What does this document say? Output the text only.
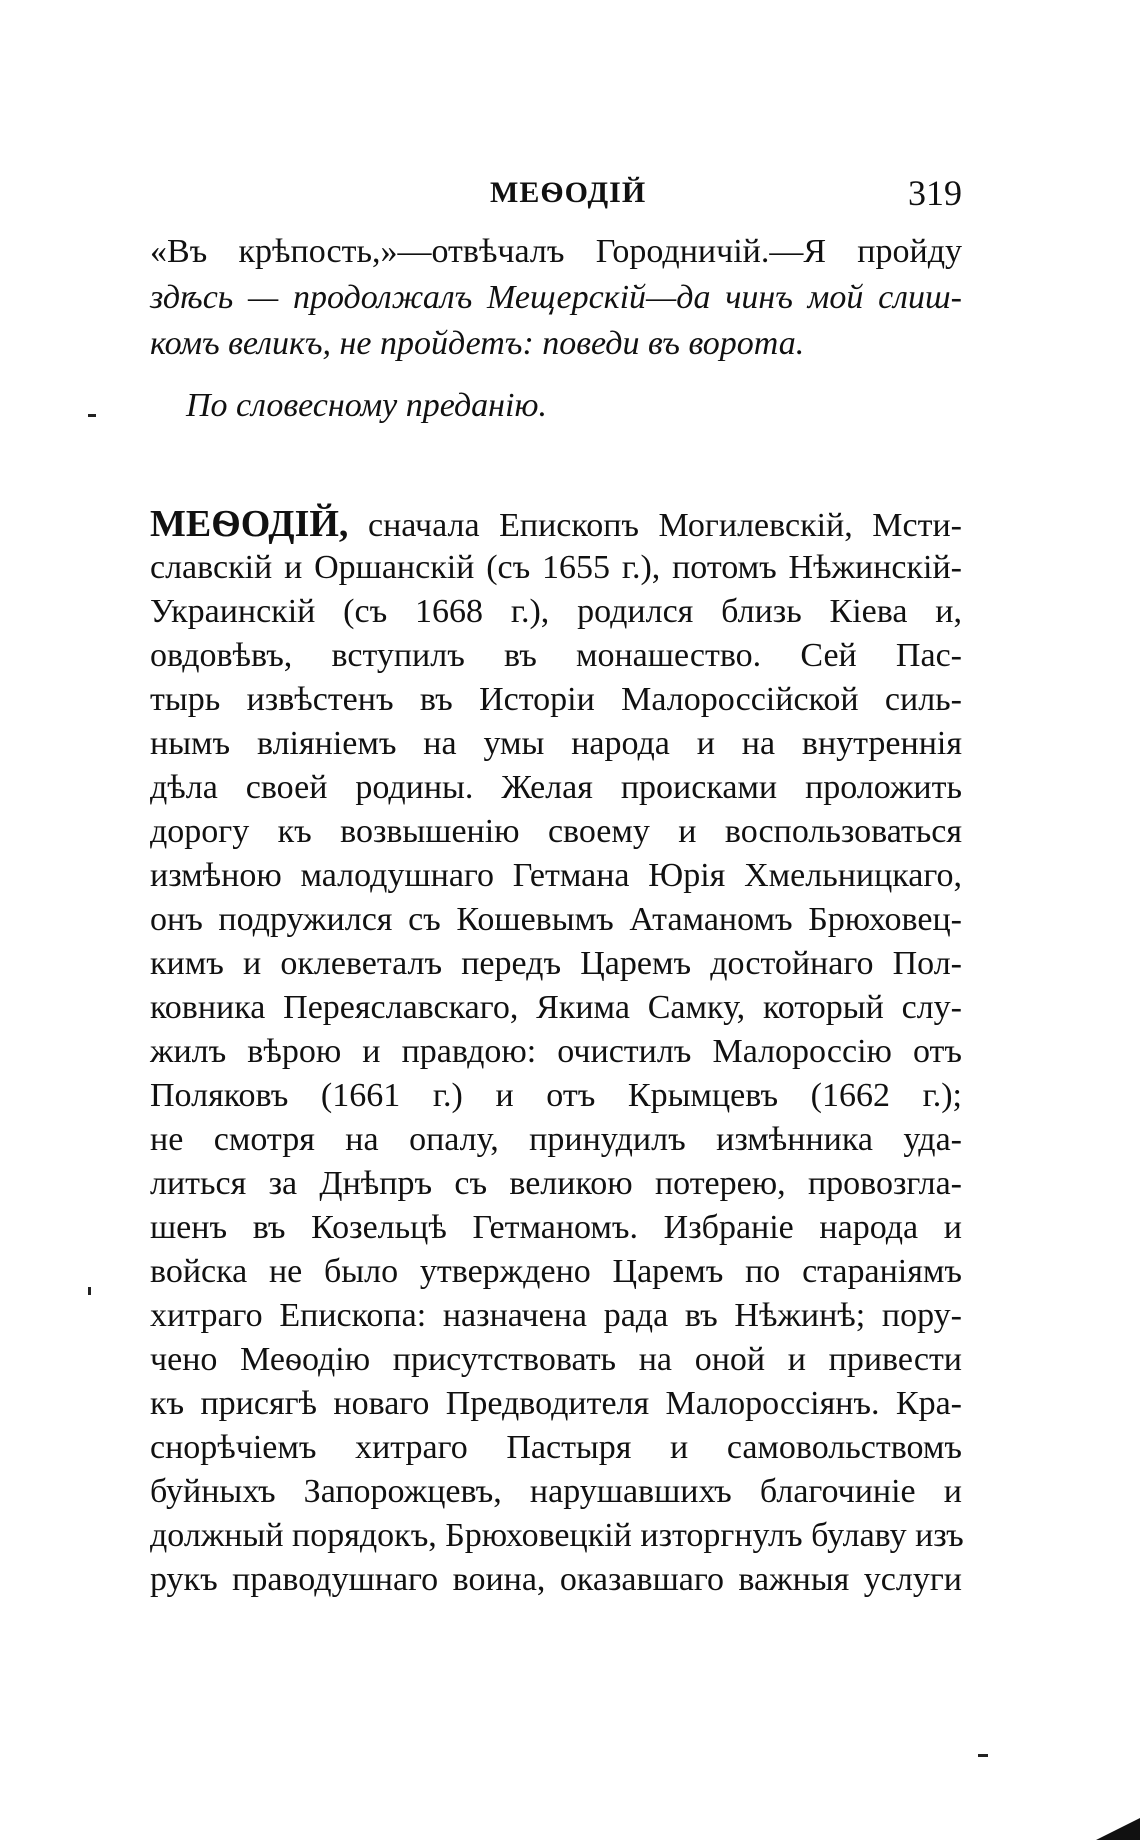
МЕѲОДІЙ	319
«Въ крѣпость,»—отвѣчалъ Городничій.—Я пройду
здѣсь — продолжалъ Мещерскій—да чинъ мой слиш-
комъ великъ, не пройдетъ: поведи въ ворота.
По словесному преданію.
МЕѲОДІЙ, сначала Епископъ Могилевскій, Мсти-
славскій и Оршанскій (съ 1655 г.), потомъ Нѣжинскій-
Украинскій (съ 1668 г.), родился близь Кіева и,
овдовѣвъ, вступилъ въ монашество. Сей Пас-
тырь извѣстенъ въ Исторіи Малороссійской силь-
нымъ вліяніемъ на умы народа и на внутреннія
дѣла своей родины. Желая происками проложить
дорогу къ возвышенію своему и воспользоваться
измѣною малодушнаго Гетмана Юрія Хмельницкаго,
онъ подружился съ Кошевымъ Атаманомъ Брюховец-
кимъ и оклеветалъ передъ Царемъ достойнаго Пол-
ковника Переяславскаго, Якима Самку, который слу-
жилъ вѣрою и правдою: очистилъ Малороссію отъ
Поляковъ (1661 г.) и отъ Крымцевъ (1662 г.);
не смотря на опалу, принудилъ измѣнника уда-
литься за Днѣпръ съ великою потерею, провозгла-
шенъ въ Козельцѣ Гетманомъ. Избраніе народа и
войска не было утверждено Царемъ по стараніямъ
хитраго Епископа: назначена рада въ Нѣжинѣ; пору-
чено Меѳодію присутствовать на оной и привести
къ присягѣ новаго Предводителя Малороссіянъ. Кра-
снорѣчіемъ хитраго Пастыря и самовольствомъ
буйныхъ Запорожцевъ, нарушавшихъ благочиніе и
должный порядокъ, Брюховецкій изторгнулъ булаву изъ
рукъ праводушнаго воина, оказавшаго важныя услуги
